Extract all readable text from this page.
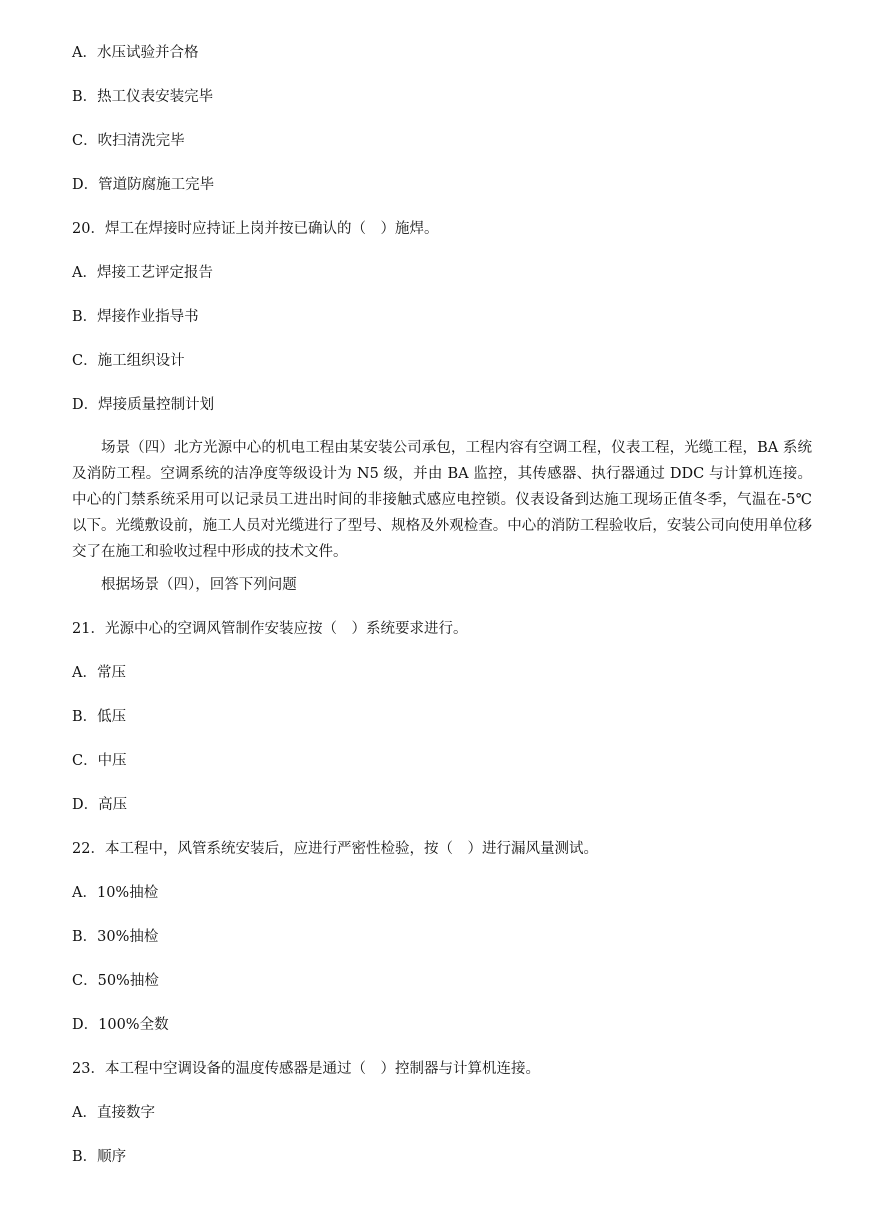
A．水压试验并合格
B．热工仪表安装完毕
C．吹扫清洗完毕
D．管道防腐施工完毕
20．焊工在焊接时应持证上岗并按已确认的（　）施焊。
A．焊接工艺评定报告
B．焊接作业指导书
C．施工组织设计
D．焊接质量控制计划

场景（四）北方光源中心的机电工程由某安装公司承包，工程内容有空调工程，仪表工程，光缆工程，BA 系统及消防工程。空调系统的洁净度等级设计为 N5 级，并由 BA 监控，其传感器、执行器通过 DDC 与计算机连接。中心的门禁系统采用可以记录员工进出时间的非接触式感应电控锁。仪表设备到达施工现场正值冬季，气温在-5℃以下。光缆敷设前，施工人员对光缆进行了型号、规格及外观检查。中心的消防工程验收后，安装公司向使用单位移交了在施工和验收过程中形成的技术文件。

根据场景（四），回答下列问题
21．光源中心的空调风管制作安装应按（　）系统要求进行。
A．常压
B．低压
C．中压
D．高压
22．本工程中，风管系统安装后，应进行严密性检验，按（　）进行漏风量测试。
A．10%抽检
B．30%抽检
C．50%抽检
D．100%全数
23．本工程中空调设备的温度传感器是通过（　）控制器与计算机连接。
A．直接数字
B．顺序
